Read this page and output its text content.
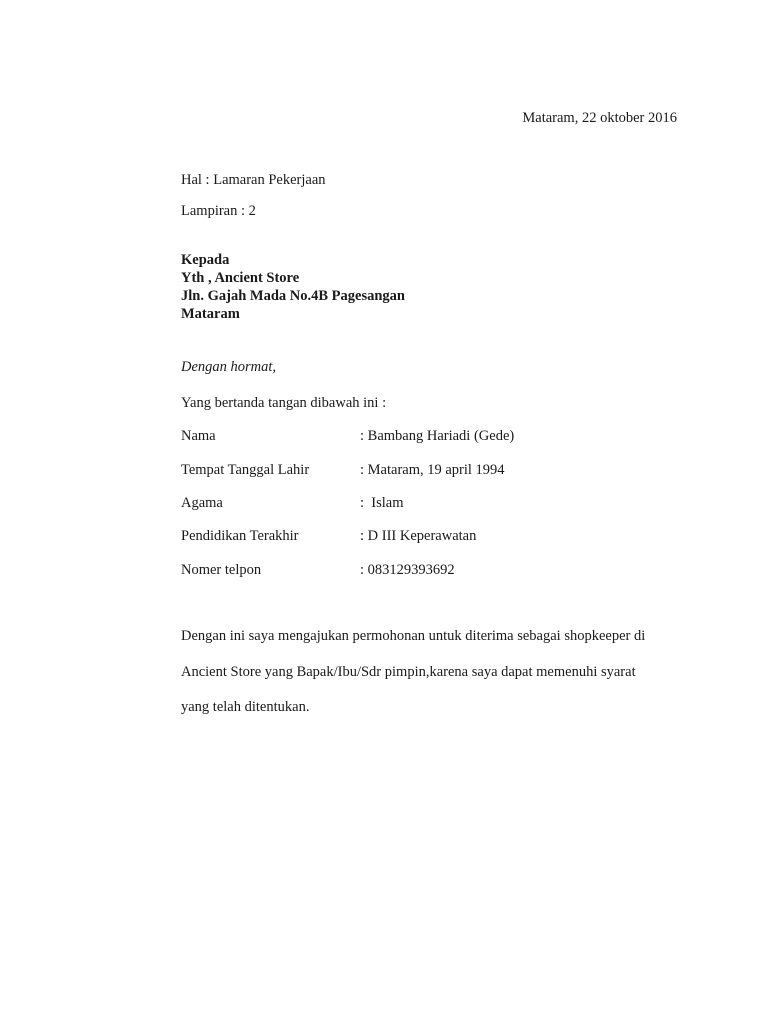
Mataram, 22 oktober 2016
Hal : Lamaran Pekerjaan
Lampiran : 2
Kepada
Yth , Ancient Store
Jln. Gajah Mada No.4B Pagesangan
Mataram
Dengan hormat,
Yang bertanda tangan dibawah ini :
Nama	: Bambang Hariadi (Gede)
Tempat Tanggal Lahir	: Mataram, 19 april 1994
Agama	:  Islam
Pendidikan Terakhir	: D III Keperawatan
Nomer telpon	: 083129393692
Dengan ini saya mengajukan permohonan untuk diterima sebagai shopkeeper di
Ancient Store yang Bapak/Ibu/Sdr pimpin,karena saya dapat memenuhi syarat
yang telah ditentukan.
